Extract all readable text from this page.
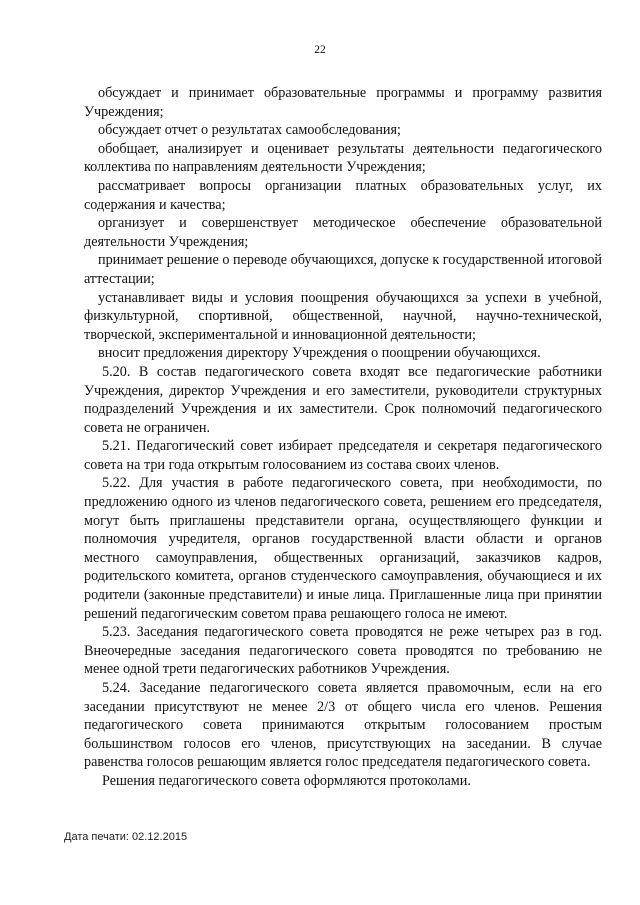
22

обсуждает и принимает образовательные программы и программу развития Учреждения;

обсуждает отчет о результатах самообследования;

обобщает, анализирует и оценивает результаты деятельности педагогического коллектива по направлениям деятельности Учреждения;

рассматривает вопросы организации платных образовательных услуг, их содержания и качества;

организует и совершенствует методическое обеспечение образовательной деятельности Учреждения;

принимает решение о переводе обучающихся, допуске к государственной итоговой аттестации;

устанавливает виды и условия поощрения обучающихся за успехи в учебной, физкультурной, спортивной, общественной, научной, научно-технической, творческой, экспериментальной и инновационной деятельности;

вносит предложения директору Учреждения о поощрении обучающихся.

5.20. В состав педагогического совета входят все педагогические работники Учреждения, директор Учреждения и его заместители, руководители структурных подразделений Учреждения и их заместители. Срок полномочий педагогического совета не ограничен.

5.21. Педагогический совет избирает председателя и секретаря педагогического совета на три года открытым голосованием из состава своих членов.

5.22. Для участия в работе педагогического совета, при необходимости, по предложению одного из членов педагогического совета, решением его председателя, могут быть приглашены представители органа, осуществляющего функции и полномочия учредителя, органов государственной власти области и органов местного самоуправления, общественных организаций, заказчиков кадров, родительского комитета, органов студенческого самоуправления, обучающиеся и их родители (законные представители) и иные лица. Приглашенные лица при принятии решений педагогическим советом права решающего голоса не имеют.

5.23. Заседания педагогического совета проводятся не реже четырех раз в год. Внеочередные заседания педагогического совета проводятся по требованию не менее одной трети педагогических работников Учреждения.

5.24. Заседание педагогического совета является правомочным, если на его заседании присутствуют не менее 2/3 от общего числа его членов. Решения педагогического совета принимаются открытым голосованием простым большинством голосов его членов, присутствующих на заседании. В случае равенства голосов решающим является голос председателя педагогического совета.

Решения педагогического совета оформляются протоколами.

Дата печати: 02.12.2015
